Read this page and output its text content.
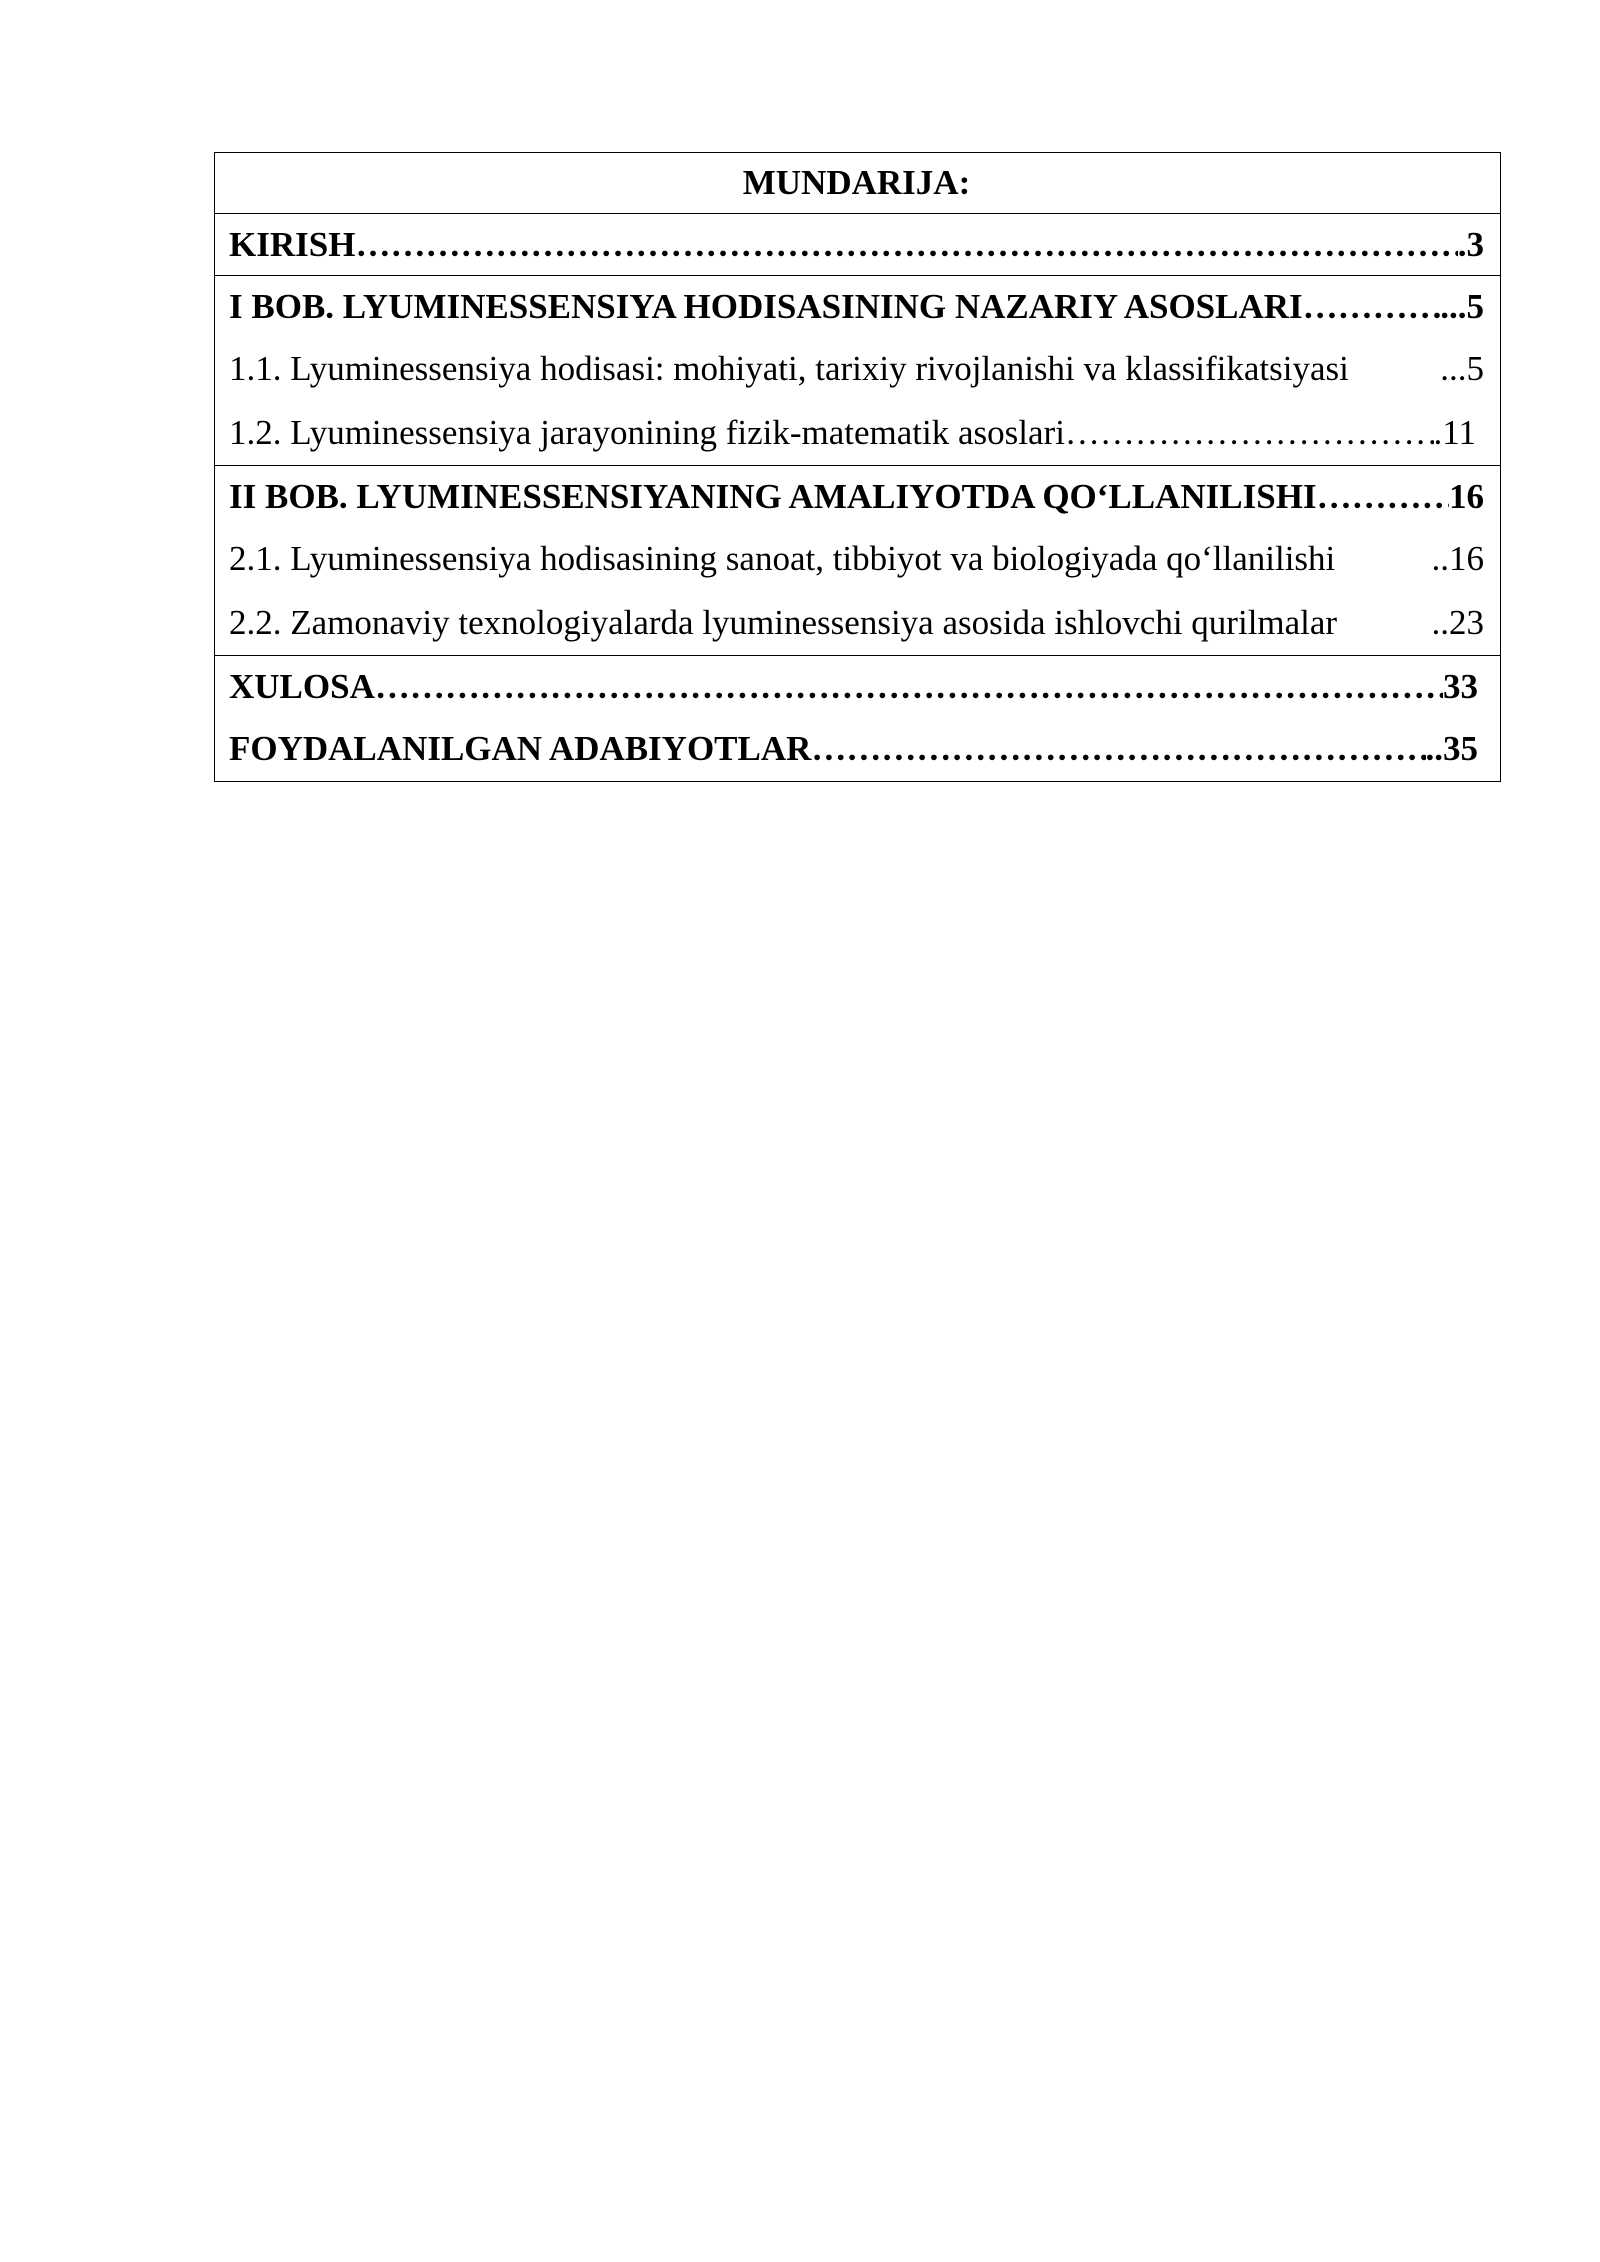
MUNDARIJA:
KIRISH ………………………………………………………………………………………………………………………………………………………………	.3
I BOB. LYUMINESSENSIYA HODISASINING NAZARIY ASOSLARI ………………………………………………………………………………………………………………………………………………………………	...5
1.1. Lyuminessensiya hodisasi: mohiyati, tarixiy rivojlanishi va klassifikatsiyasi	...5
1.2. Lyuminessensiya jarayonining fizik-matematik asoslari ………………………………………………………………………………………………………………………………………………………………	.11
II BOB. LYUMINESSENSIYANING AMALIYOTDA QO‘LLANILISHI ………………………………………………………………………………………………………………………………………………………………	16
2.1. Lyuminessensiya hodisasining sanoat, tibbiyot va biologiyada qo‘llanilishi	..16
2.2. Zamonaviy texnologiyalarda lyuminessensiya asosida ishlovchi qurilmalar	..23
XULOSA ………………………………………………………………………………………………………………………………………………………………	33
FOYDALANILGAN ADABIYOTLAR ………………………………………………………………………………………………………………………………………………………………	..35
